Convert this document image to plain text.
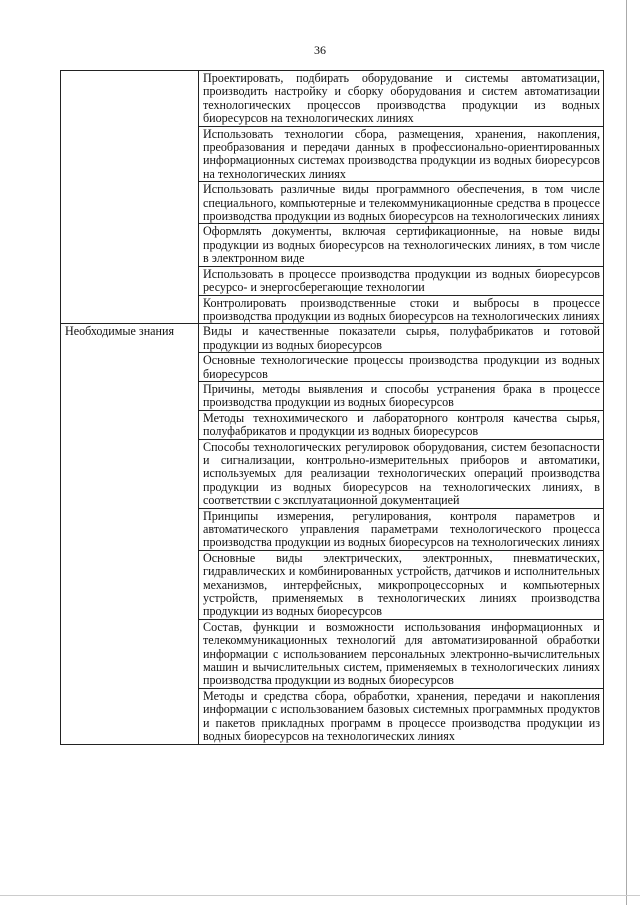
36
	Проектировать, подбирать оборудование и системы автоматизации, производить настройку и сборку оборудования и систем автоматизации технологических процессов производства продукции из водных биоресурсов на технологических линиях
	Использовать технологии сбора, размещения, хранения, накопления, преобразования и передачи данных в профессионально-ориентированных информационных системах производства продукции из водных биоресурсов на технологических линиях
	Использовать различные виды программного обеспечения, в том числе специального, компьютерные и телекоммуникационные средства в процессе производства продукции из водных биоресурсов на технологических линиях
	Оформлять документы, включая сертификационные, на новые виды продукции из водных биоресурсов на технологических линиях, в том числе в электронном виде
	Использовать в процессе производства продукции из водных биоресурсов ресурсо- и энергосберегающие технологии
	Контролировать производственные стоки и выбросы в процессе производства продукции из водных биоресурсов на технологических линиях
Необходимые знания	Виды и качественные показатели сырья, полуфабрикатов и готовой продукции из водных биоресурсов
	Основные технологические процессы производства продукции из водных биоресурсов
	Причины, методы выявления и способы устранения брака в процессе производства продукции из водных биоресурсов
	Методы технохимического и лабораторного контроля качества сырья, полуфабрикатов и продукции из водных биоресурсов
	Способы технологических регулировок оборудования, систем безопасности и сигнализации, контрольно-измерительных приборов и автоматики, используемых для реализации технологических операций производства продукции из водных биоресурсов на технологических линиях, в соответствии с эксплуатационной документацией
	Принципы измерения, регулирования, контроля параметров и автоматического управления параметрами технологического процесса производства продукции из водных биоресурсов на технологических линиях
	Основные виды электрических, электронных, пневматических, гидравлических и комбинированных устройств, датчиков и исполнительных механизмов, интерфейсных, микропроцессорных и компьютерных устройств, применяемых в технологических линиях производства продукции из водных биоресурсов
	Состав, функции и возможности использования информационных и телекоммуникационных технологий для автоматизированной обработки информации с использованием персональных электронно-вычислительных машин и вычислительных систем, применяемых в технологических линиях производства продукции из водных биоресурсов
	Методы и средства сбора, обработки, хранения, передачи и накопления информации с использованием базовых системных программных продуктов и пакетов прикладных программ в процессе производства продукции из водных биоресурсов на технологических линиях
